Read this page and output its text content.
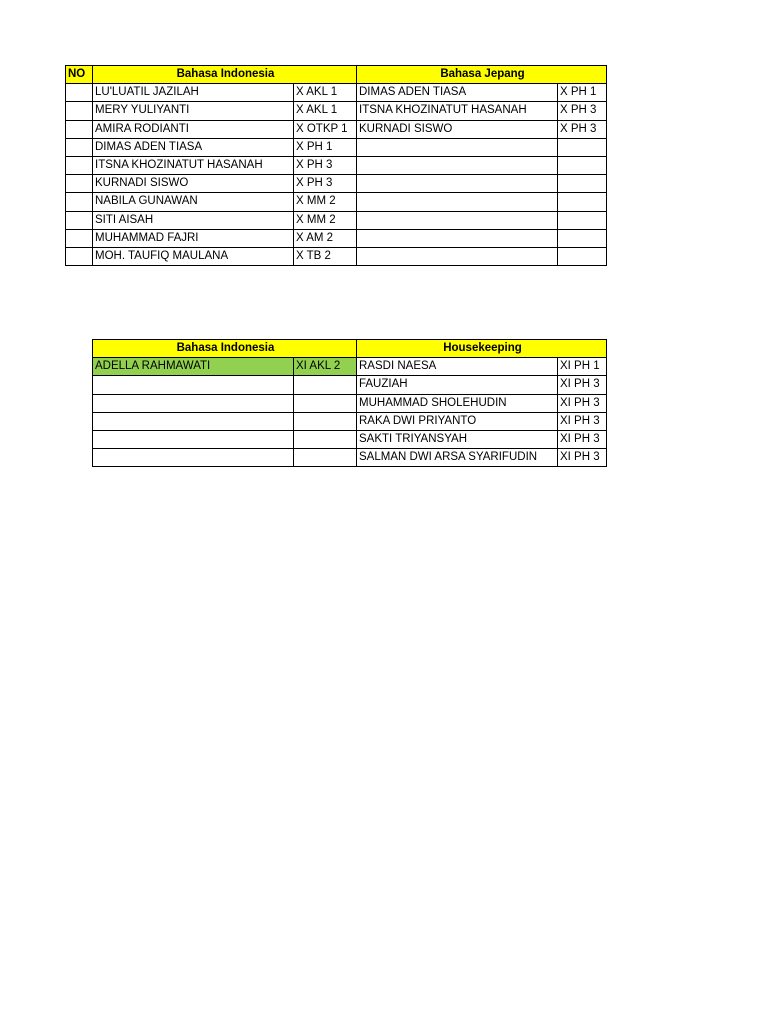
NO	Bahasa Indonesia		Bahasa Jepang	
	LU'LUATIL JAZILAH	X AKL 1	DIMAS ADEN TIASA	X PH 1
	MERY YULIYANTI	X AKL 1	ITSNA KHOZINATUT HASANAH	X PH 3
	AMIRA RODIANTI	X OTKP 1	KURNADI SISWO	X PH 3
	DIMAS ADEN TIASA	X PH 1		
	ITSNA KHOZINATUT HASANAH	X PH 3		
	KURNADI SISWO	X PH 3		
	NABILA GUNAWAN	X MM 2		
	SITI AISAH	X MM 2		
	MUHAMMAD FAJRI	X AM 2		
	MOH. TAUFIQ MAULANA	X TB 2		
Bahasa Indonesia		Housekeeping	
ADELLA RAHMAWATI	XI AKL 2	RASDI NAESA	XI PH 1
		FAUZIAH	XI PH 3
		MUHAMMAD SHOLEHUDIN	XI PH 3
		RAKA DWI PRIYANTO	XI PH 3
		SAKTI TRIYANSYAH	XI PH 3
		SALMAN DWI ARSA SYARIFUDIN	XI PH 3
